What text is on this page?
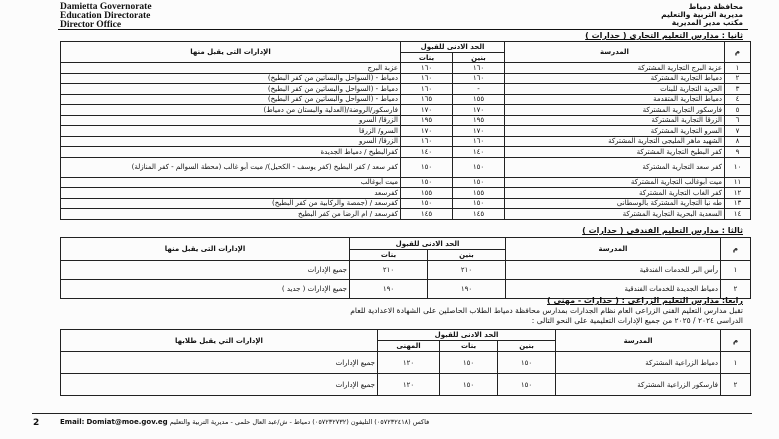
Damietta Governorate
Education Directorate
Director Office
محافظة دمياط
مديرية التربية والتعليم
مكتب مدير المديرية
ثانيا : مدارس التعليم التجارى ( جدارات )
م	المدرسة	الحد الادنى للقبول		الإدارات التى يقبل منها
		بنين	بنات	
١	عزبة البرج التجارية المشتركة	١٦٠	١٦٠	عزبة البرج
٢	دمياط التجارية المشتركة	١٦٠	١٦٠	دمياط - (السواحل والبساتين من كفر البطيخ)
٣	الحرية التجارية للبنات	-	١٦٠	دمياط - (السواحل والبساتين من كفر البطيخ)
٤	دمياط التجارية المتقدمة	١٥٥	١٦٥	دمياط - (السواحل والبساتين من كفر البطيخ)
٥	فارسكور التجارية المشتركة	١٧٠	١٧٠	فارسكور/الروضة/(العدلية والبستان من دمياط)
٦	الزرقا التجارية المشتركة	١٩٥	١٩٥	الزرقا/ السرو
٧	السرو التجارية المشتركة	١٧٠	١٧٠	السرو/ الزرقا
٨	الشهيد ماهر المليجى التجارية المشتركة	١٦٠	١٦٠	الزرقا/ السرو
٩	كفر البطيخ التجارية المشتركة	١٤٠	١٤٠	كفرالبطيخ / دمياط الجديدة
١٠	كفر سعد التجارية المشتركة	١٥٠	١٥٠	كفر سعد / كفر البطيخ (كفر يوسف - الكحيل)/ ميت أبو غالب (محطة السوالم - كفر المنازلة)
١١	ميت أبوغالب التجارية المشتركة	١٥٠	١٥٠	ميت أبوغالب
١٢	كفر الغاب التجارية المشتركة	١٥٥	١٥٥	كفرسعد
١٣	طه نبا التجارية المشتركة بالوسطانى	١٥٠	١٥٠	كفرسعد / (جمصة والركابية من كفر البطيخ)
١٤	السعدية البحرية التجارية المشتركة	١٤٥	١٤٥	كفرسعد / ام الرضا من كفر البطيخ
ثالثا : مدارس التعليم الفندقى ( جدارات )
م	المدرسة	الحد الادنى للقبول		الإدارات التى يقبل منها
		بنين	بنات	
١	رأس البر للخدمات الفندقية	٢١٠	٢١٠	جميع الإدارات
٢	دمياط الجديدة للخدمات الفندقية	١٩٠	١٩٠	جميع الإدارات ( جديد )
رابعا: مدارس التعليم الزراعى : ( جدارات - مهنى )
تقبل مدارس التعليم الفنى الزراعى العام نظام الجدارات بمدارس محافظة دمياط الطلاب الحاصلين على الشهادة الاعدادية للعام
الدراسى ٢٠٢٤ / ٢٠٢٥ من جميع الإدارات التعليمية على النحو التالى :
م	المدرسة	الحد الادنى للقبول			الإدارات التي يقبل طلابها
		بنين	بنات	المهنى	
١	دمياط الزراعية المشتركة	١٥٠	١٥٠	١٢٠	جميع الإدارات
٢	فارسكور الزراعية المشتركة	١٥٠	١٥٠	١٢٠	جميع الإدارات
2	Email: Domiat@moe.gov.eg فاكس (٠٥٧٢٣٢٤١٨) التليفون (٠٥٧٢٣٢٧٣٢) دمياط - ش/عبد العال حلمى - مديرية التربية والتعليم
